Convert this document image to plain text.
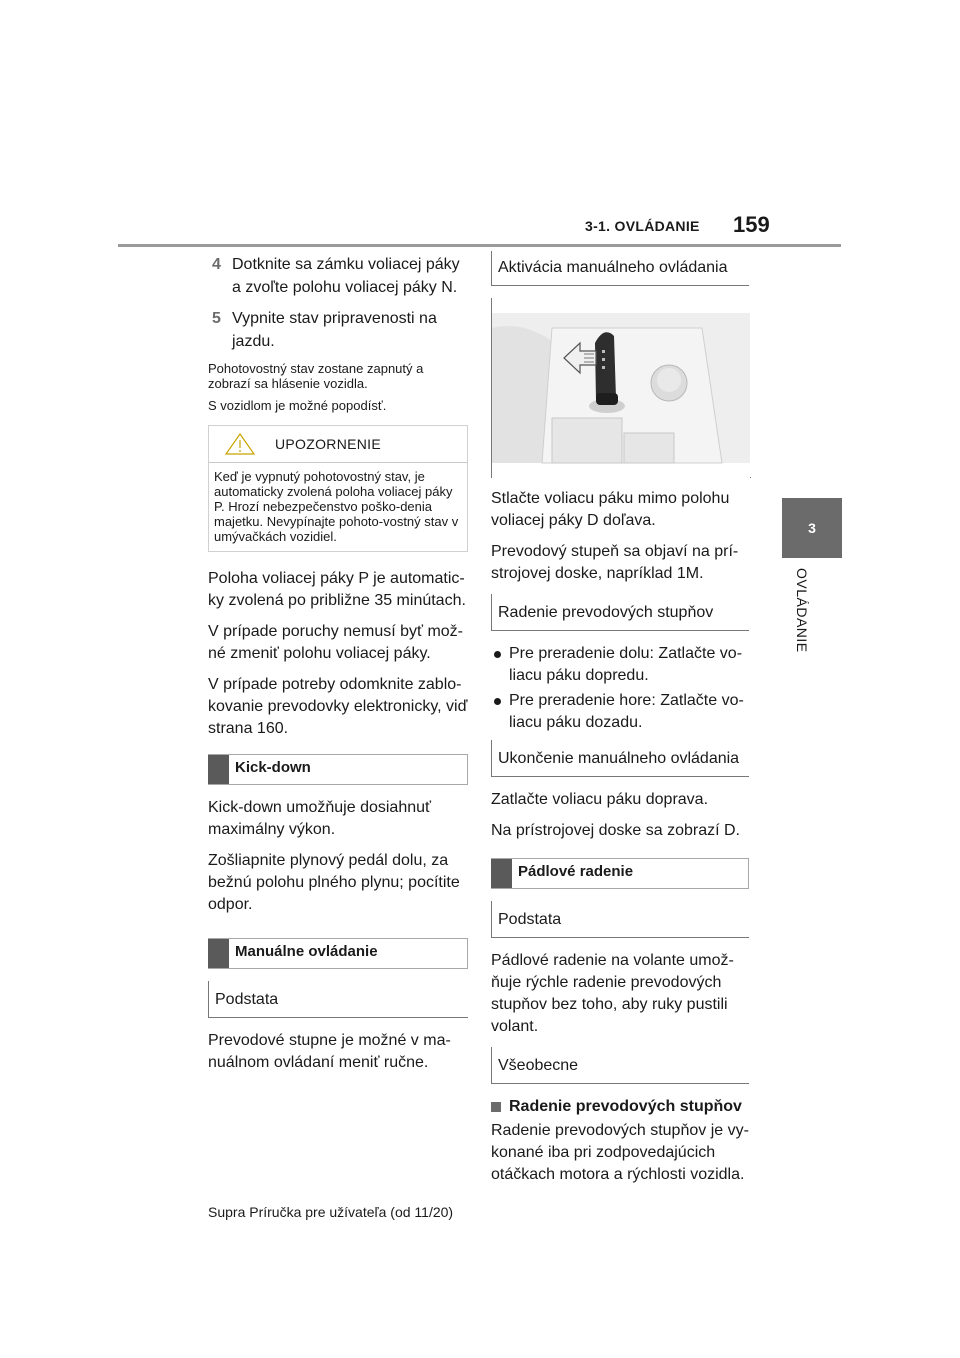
3-1. OVLÁDANIE 159
3
OVLÁDANIE
4 Dotknite sa zámku voliacej páky a zvoľte polohu voliacej páky N.
5 Vypnite stav pripravenosti na jazdu.
Pohotovostný stav zostane zapnutý a zobrazí sa hlásenie vozidla.
S vozidlom je možné popodísť.
UPOZORNENIE
Keď je vypnutý pohotovostný stav, je automaticky zvolená poloha voliacej páky P. Hrozí nebezpečenstvo poško-denia majetku. Nevypínajte pohoto-vostný stav v umývačkách vozidiel.
Poloha voliacej páky P je automatic-ky zvolená po približne 35 minútach.
V prípade poruchy nemusí byť mož-né zmeniť polohu voliacej páky.
V prípade potreby odomknite zablo-kovanie prevodovky elektronicky, viď strana 160.
Kick-down
Kick-down umožňuje dosiahnuť maximálny výkon.
Zošliapnite plynový pedál dolu, za bežnú polohu plného plynu; pocítite odpor.
Manuálne ovládanie
Podstata
Prevodové stupne je možné v ma-nuálnom ovládaní meniť ručne.
Aktivácia manuálneho ovládania
Stlačte voliacu páku mimo polohu voliacej páky D doľava.
Prevodový stupeň sa objaví na prí-strojovej doske, napríklad 1M.
Radenie prevodových stupňov
Pre preradenie dolu: Zatlačte vo-liacu páku dopredu.
Pre preradenie hore: Zatlačte vo-liacu páku dozadu.
Ukončenie manuálneho ovládania
Zatlačte voliacu páku doprava.
Na prístrojovej doske sa zobrazí D.
Pádlové radenie
Podstata
Pádlové radenie na volante umož-ňuje rýchle radenie prevodových stupňov bez toho, aby ruky pustili volant.
Všeobecne
Radenie prevodových stupňov
Radenie prevodových stupňov je vy-konané iba pri zodpovedajúcich otáčkach motora a rýchlosti vozidla.
Supra Príručka pre užívateľa (od 11/20)
